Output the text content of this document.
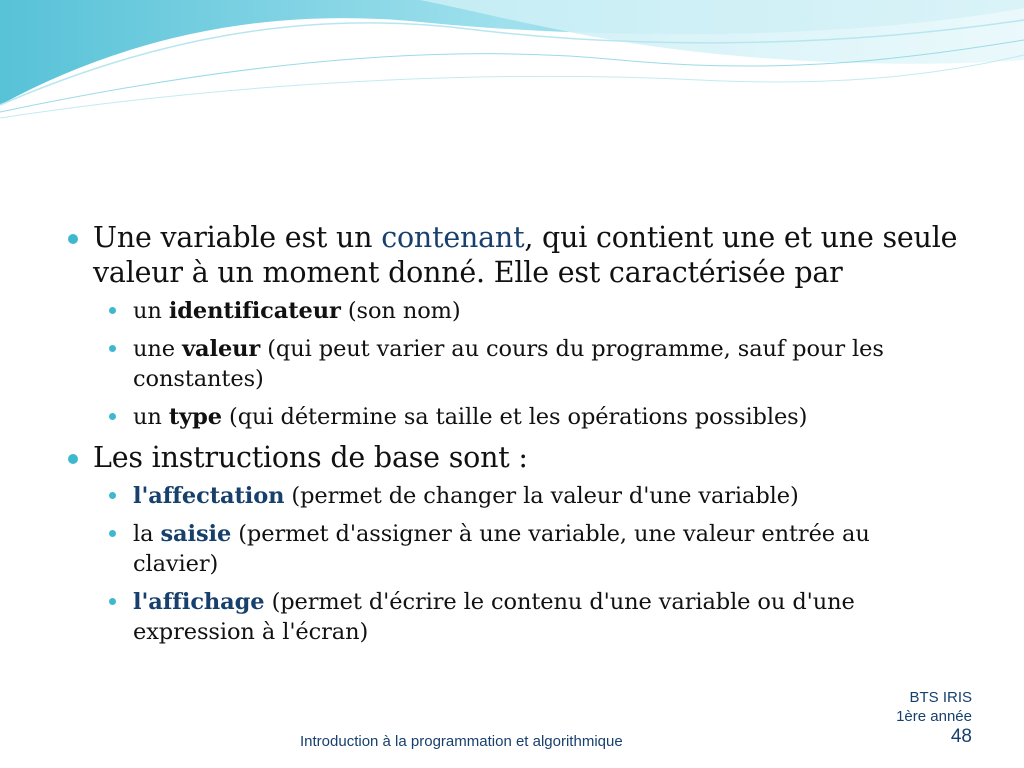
Une variable est un contenant, qui contient une et une seule valeur à un moment donné. Elle est caractérisée par
un identificateur (son nom)
une valeur (qui peut varier au cours du programme, sauf pour les constantes)
un type (qui détermine sa taille et les opérations possibles)
Les instructions de base sont :
l'affectation (permet de changer la valeur d'une variable)
la saisie (permet d'assigner à une variable, une valeur entrée au clavier)
l'affichage (permet d'écrire le contenu d'une variable ou d'une expression à l'écran)
Introduction à la programmation et algorithmique
BTS IRIS
1ère année
48
